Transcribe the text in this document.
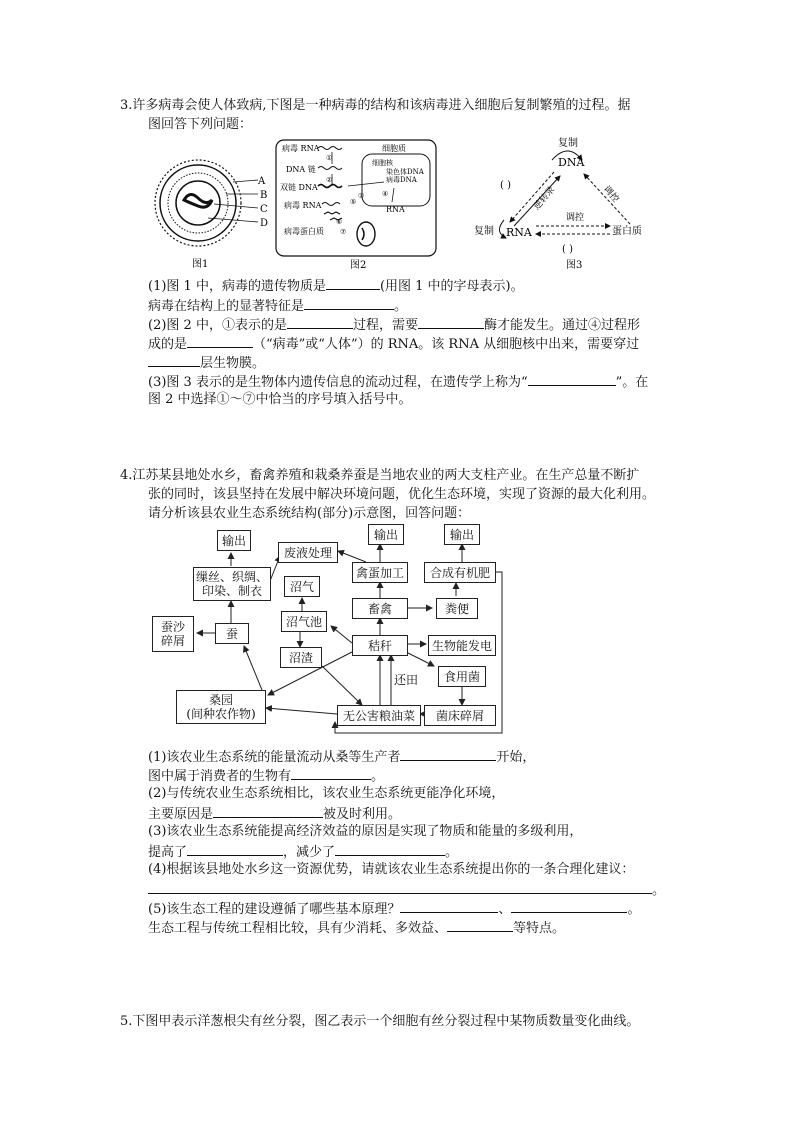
3.许多病毒会使人体致病,下图是一种病毒的结构和该病毒进入细胞后复制繁殖的过程。据
图回答下列问题：
A
B
C
D
图1
细胞质
细胞核
染色体DNA
病毒DNA
病毒 RNA
①
DNA 链
②
双链 DNA
③	④
RNA
病毒 RNA	⑤
⑥
病毒蛋白质 ⑦
图2
复制
DNA
( ) 逆转录	调控
复制 RNA
调控
蛋白质
( )
图3
(1)图 1 中，病毒的遗传物质是	(用图 1 中的字母表示)。
病毒在结构上的显著特征是	。
(2)图 2 中，①表示的是	过程，需要	酶才能发生。通过④过程形
成的是	（“病毒”或“人体”）的 RNA。该 RNA 从细胞核中出来，需要穿过
层生物膜。
(3)图 3 表示的是生物体内遗传信息的流动过程，在遗传学上称为“	”。在
图 2 中选择①～⑦中恰当的序号填入括号中。
4.江苏某县地处水乡，畜禽养殖和栽桑养蚕是当地农业的两大支柱产业。在生产总量不断扩
张的同时，该县坚持在发展中解决环境问题，优化生态环境，实现了资源的最大化利用。
请分析该县农业生态系统结构(部分)示意图，回答问题：
输出
废液处理
输出	输出
缫丝、织绸、
印染、制衣	沼气
禽蛋加工	合成有机肥
畜禽	粪便
蚕
沼气池
秸秆	生物能发电
蚕沙
碎屑
沼渣
还田	食用菌
桑园
(间种农作物)	无公害粮油菜	菌床碎屑
(1)该农业生态系统的能量流动从桑等生产者	开始，
图中属于消费者的生物有	。
(2)与传统农业生态系统相比，该农业生态系统更能净化环境，
主要原因是	被及时利用。
(3)该农业生态系统能提高经济效益的原因是实现了物质和能量的多级利用，
提高了	，减少了	。
(4)根据该县地处水乡这一资源优势，请就该农业生态系统提出你的一条合理化建议：
。
(5)该生态工程的建设遵循了哪些基本原理？	、	。
生态工程与传统工程相比较，具有少消耗、多效益、	等特点。
5.下图甲表示洋葱根尖有丝分裂，图乙表示一个细胞有丝分裂过程中某物质数量变化曲线。
